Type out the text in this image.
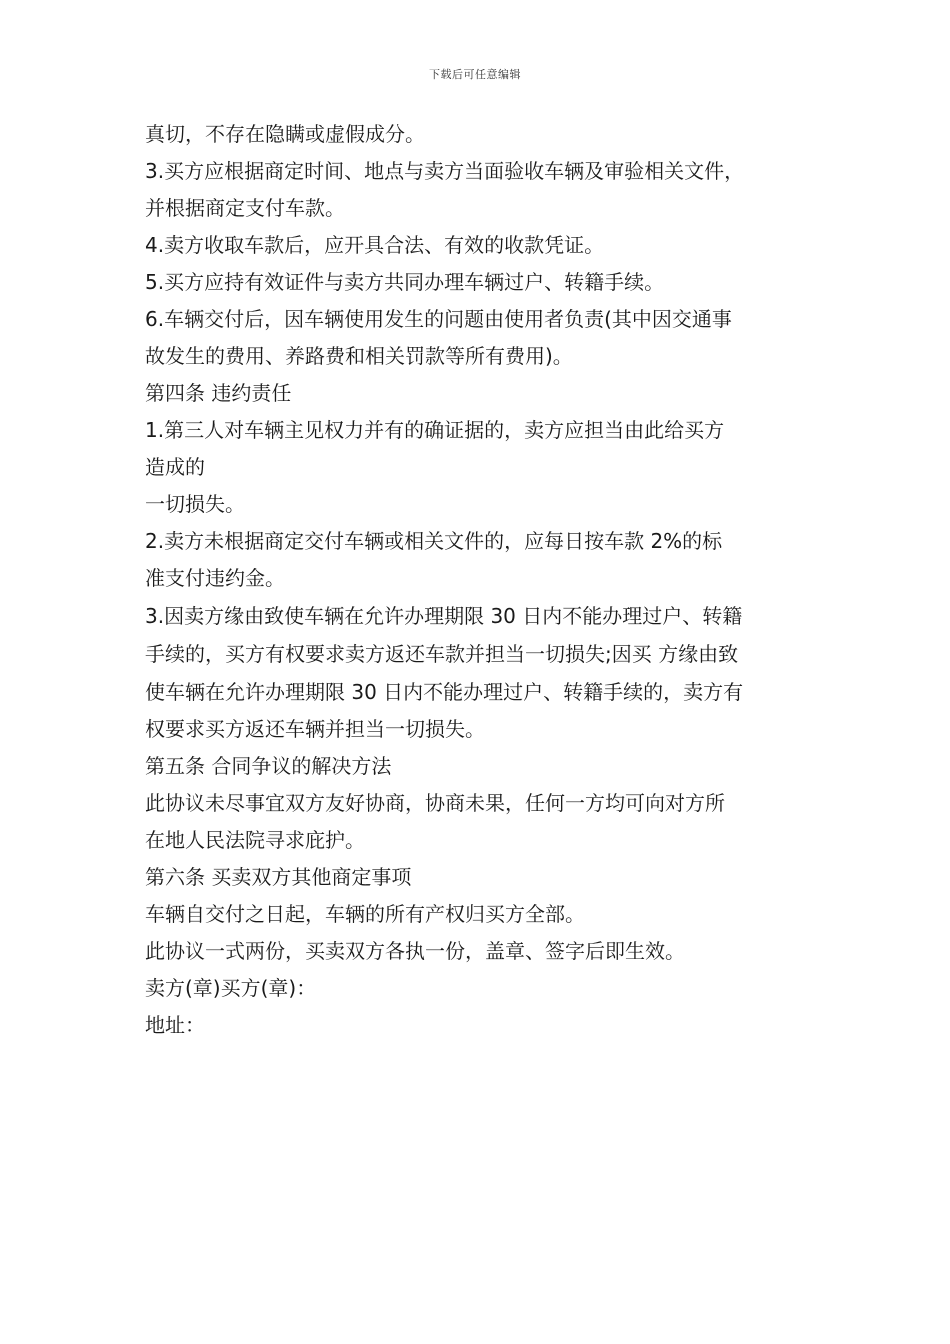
下载后可任意编辑

真切，不存在隐瞒或虚假成分。

3.买方应根据商定时间、地点与卖方当面验收车辆及审验相关文件，

并根据商定支付车款。

4.卖方收取车款后，应开具合法、有效的收款凭证。

5.买方应持有效证件与卖方共同办理车辆过户、转籍手续。

6.车辆交付后，因车辆使用发生的问题由使用者负责(其中因交通事

故发生的费用、养路费和相关罚款等所有费用)。

第四条 违约责任

1.第三人对车辆主见权力并有的确证据的，卖方应担当由此给买方

造成的

一切损失。

2.卖方未根据商定交付车辆或相关文件的，应每日按车款 2%的标

准支付违约金。

3.因卖方缘由致使车辆在允许办理期限 30 日内不能办理过户、转籍

手续的，买方有权要求卖方返还车款并担当一切损失;因买 方缘由致

使车辆在允许办理期限 30 日内不能办理过户、转籍手续的，卖方有

权要求买方返还车辆并担当一切损失。

第五条 合同争议的解决方法

此协议未尽事宜双方友好协商，协商未果，任何一方均可向对方所

在地人民法院寻求庇护。

第六条 买卖双方其他商定事项

车辆自交付之日起，车辆的所有产权归买方全部。

此协议一式两份，买卖双方各执一份，盖章、签字后即生效。

卖方(章)买方(章)：

地址：
